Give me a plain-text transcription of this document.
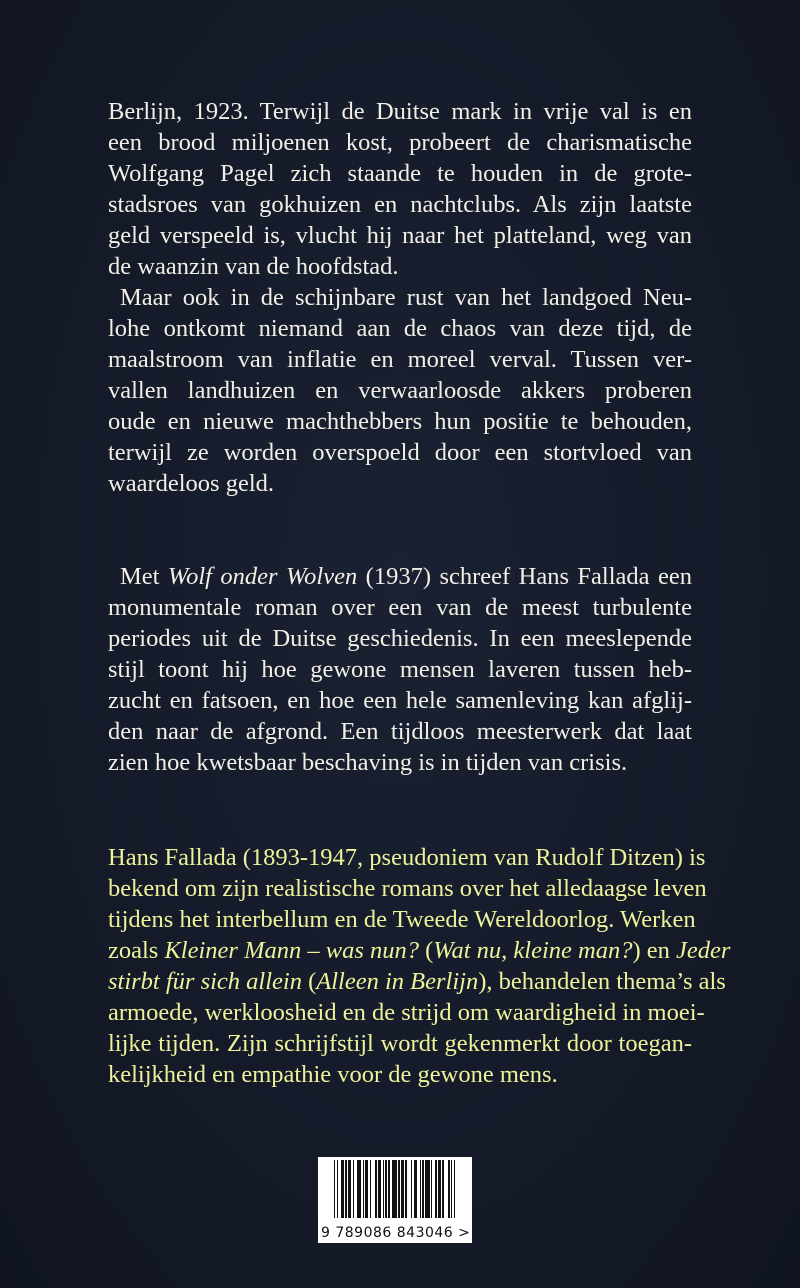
Berlijn, 1923. Terwijl de Duitse mark in vrije val is en
een brood miljoenen kost, probeert de charismatische
Wolfgang Pagel zich staande te houden in de grote-
stadsroes van gokhuizen en nachtclubs. Als zijn laatste
geld verspeeld is, vlucht hij naar het platteland, weg van
de waanzin van de hoofdstad.
Maar ook in de schijnbare rust van het landgoed Neu-
lohe ontkomt niemand aan de chaos van deze tijd, de
maalstroom van inflatie en moreel verval. Tussen ver-
vallen landhuizen en verwaarloosde akkers proberen
oude en nieuwe machthebbers hun positie te behouden,
terwijl ze worden overspoeld door een stortvloed van
waardeloos geld.
Met Wolf onder Wolven (1937) schreef Hans Fallada een
monumentale roman over een van de meest turbulente
periodes uit de Duitse geschiedenis. In een meeslepende
stijl toont hij hoe gewone mensen laveren tussen heb-
zucht en fatsoen, en hoe een hele samenleving kan afglij-
den naar de afgrond. Een tijdloos meesterwerk dat laat
zien hoe kwetsbaar beschaving is in tijden van crisis.
Hans Fallada (1893-1947, pseudoniem van Rudolf Ditzen) is
bekend om zijn realistische romans over het alledaagse leven
tijdens het interbellum en de Tweede Wereldoorlog. Werken
zoals Kleiner Mann – was nun? (Wat nu, kleine man?) en Jeder
stirbt für sich allein (Alleen in Berlijn), behandelen thema’s als
armoede, werkloosheid en de strijd om waardigheid in moei-
lijke tijden. Zijn schrijfstijl wordt gekenmerkt door toegan-
kelijkheid en empathie voor de gewone mens.
9 789086 843046 >
